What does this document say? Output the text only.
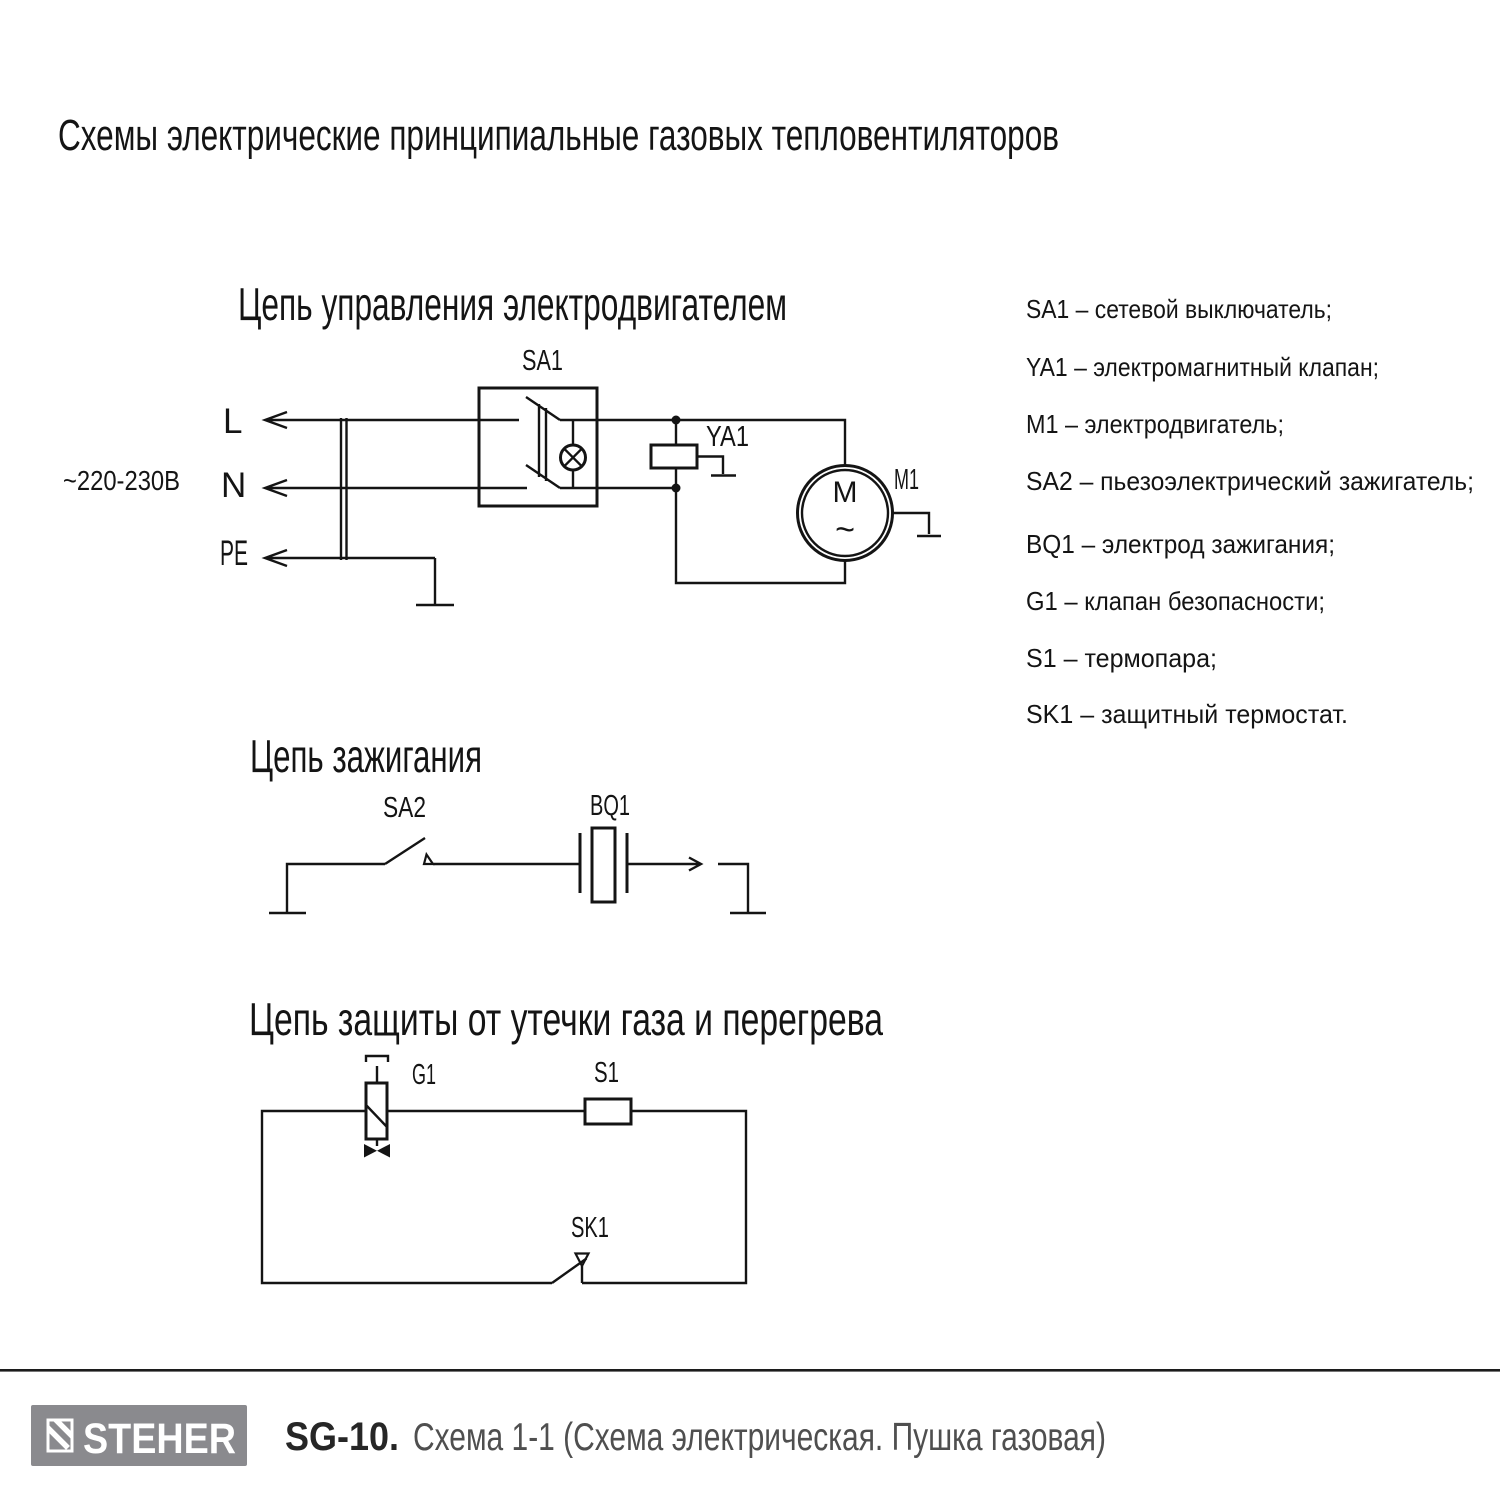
Схемы электрические принципиальные газовых тепловентиляторов
Цепь управления электродвигателем
~220-230В
L
N
PE
SA1
YA1
M1
M
~
Цепь зажигания
SA2	BQ1
Цепь защиты от утечки газа и перегрева
G1	S1
SK1
SA1 – сетевой выключатель;
YA1 – электромагнитный клапан;
M1 – электродвигатель;
SA2 – пьезоэлектрический зажигатель;
BQ1 – электрод зажигания;
G1 – клапан безопасности;
S1 – термопара;
SK1 – защитный термостат.
STEHER SG-10. Схема 1-1 (Схема электрическая. Пушка газовая)
